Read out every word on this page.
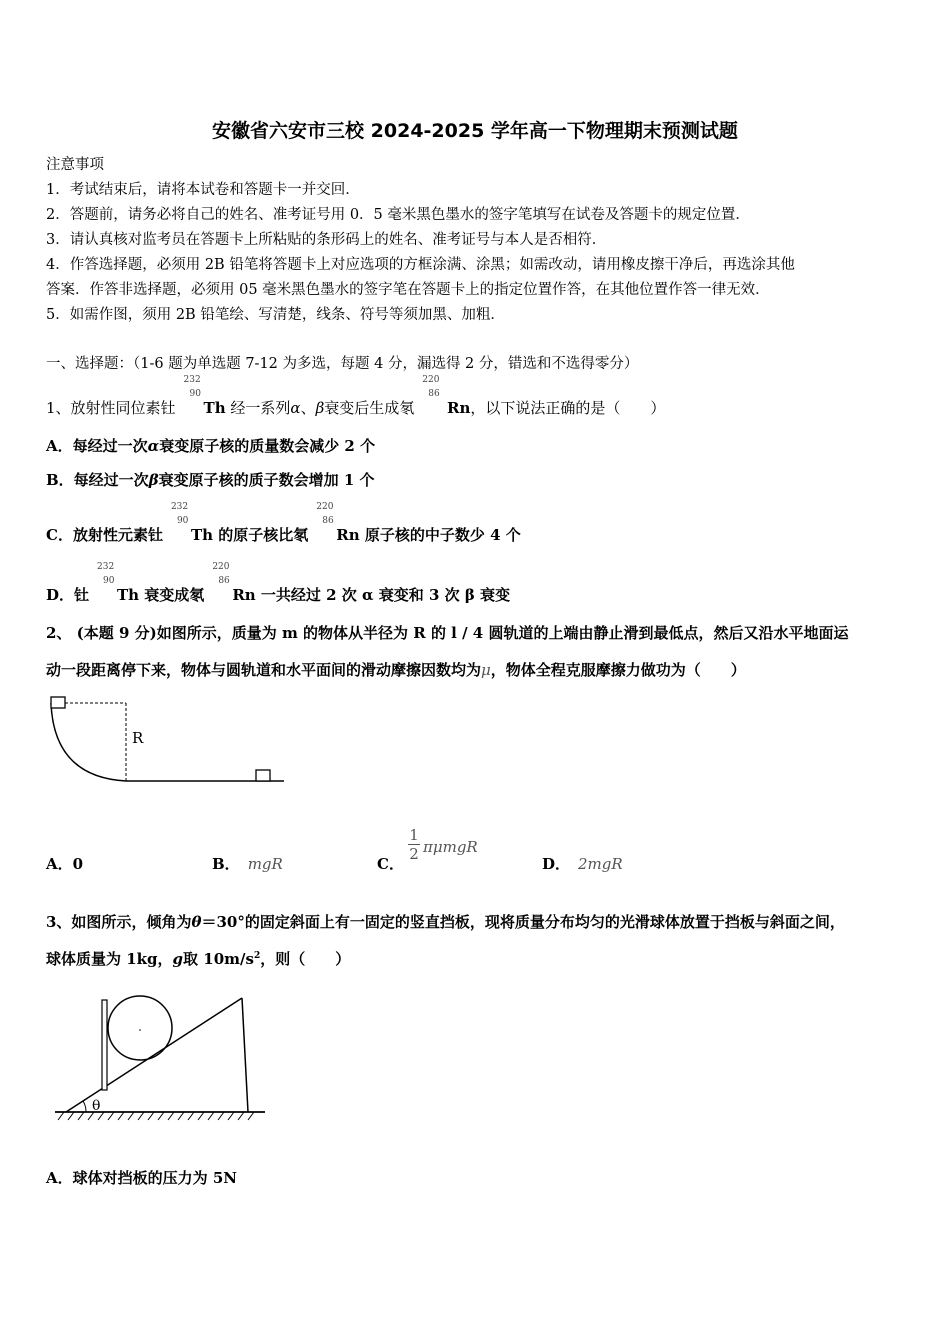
安徽省六安市三校 2024-2025 学年高一下物理期末预测试题
注意事项
1．考试结束后，请将本试卷和答题卡一并交回．
2．答题前，请务必将自己的姓名、准考证号用 0．5 毫米黑色墨水的签字笔填写在试卷及答题卡的规定位置．
3．请认真核对监考员在答题卡上所粘贴的条形码上的姓名、准考证号与本人是否相符．
4．作答选择题，必须用 2B 铅笔将答题卡上对应选项的方框涂满、涂黑；如需改动，请用橡皮擦干净后，再选涂其他
答案．作答非选择题，必须用 05 毫米黑色墨水的签字笔在答题卡上的指定位置作答，在其他位置作答一律无效．
5．如需作图，须用 2B 铅笔绘、写清楚，线条、符号等须加黑、加粗．
一、选择题：（1-6 题为单选题 7-12 为多选，每题 4 分，漏选得 2 分，错选和不选得零分）
1、放射性同位素钍
232
90
Th 经一系列α、β衰变后生成氡
220
86
Rn，以下说法正确的是（　　）
A．每经过一次α衰变原子核的质量数会减少 2 个
B．每经过一次β衰变原子核的质子数会增加 1 个
C．放射性元素钍
232
90
Th 的原子核比氡
220
86
Rn 原子核的中子数少 4 个
D．钍
232
90
Th 衰变成氡
220
86
Rn 一共经过 2 次 α 衰变和 3 次 β 衰变
2、 (本题 9 分)如图所示，质量为 m 的物体从半径为 R 的 l / 4 圆轨道的上端由静止滑到最低点，然后又沿水平地面运
动一段距离停下来，物体与圆轨道和水平面间的滑动摩擦因数均为μ，物体全程克服摩擦力做功为（　　）
R
A．0	B． mgR	C．
$\frac{1}{2}$ πμmgR
D． 2mgR
3、如图所示，倾角为θ＝30°的固定斜面上有一固定的竖直挡板，现将质量分布均匀的光滑球体放置于挡板与斜面之间，
球体质量为 1kg，g取 $10m/s^2$，则（　　）
θ
A．球体对挡板的压力为 5N
